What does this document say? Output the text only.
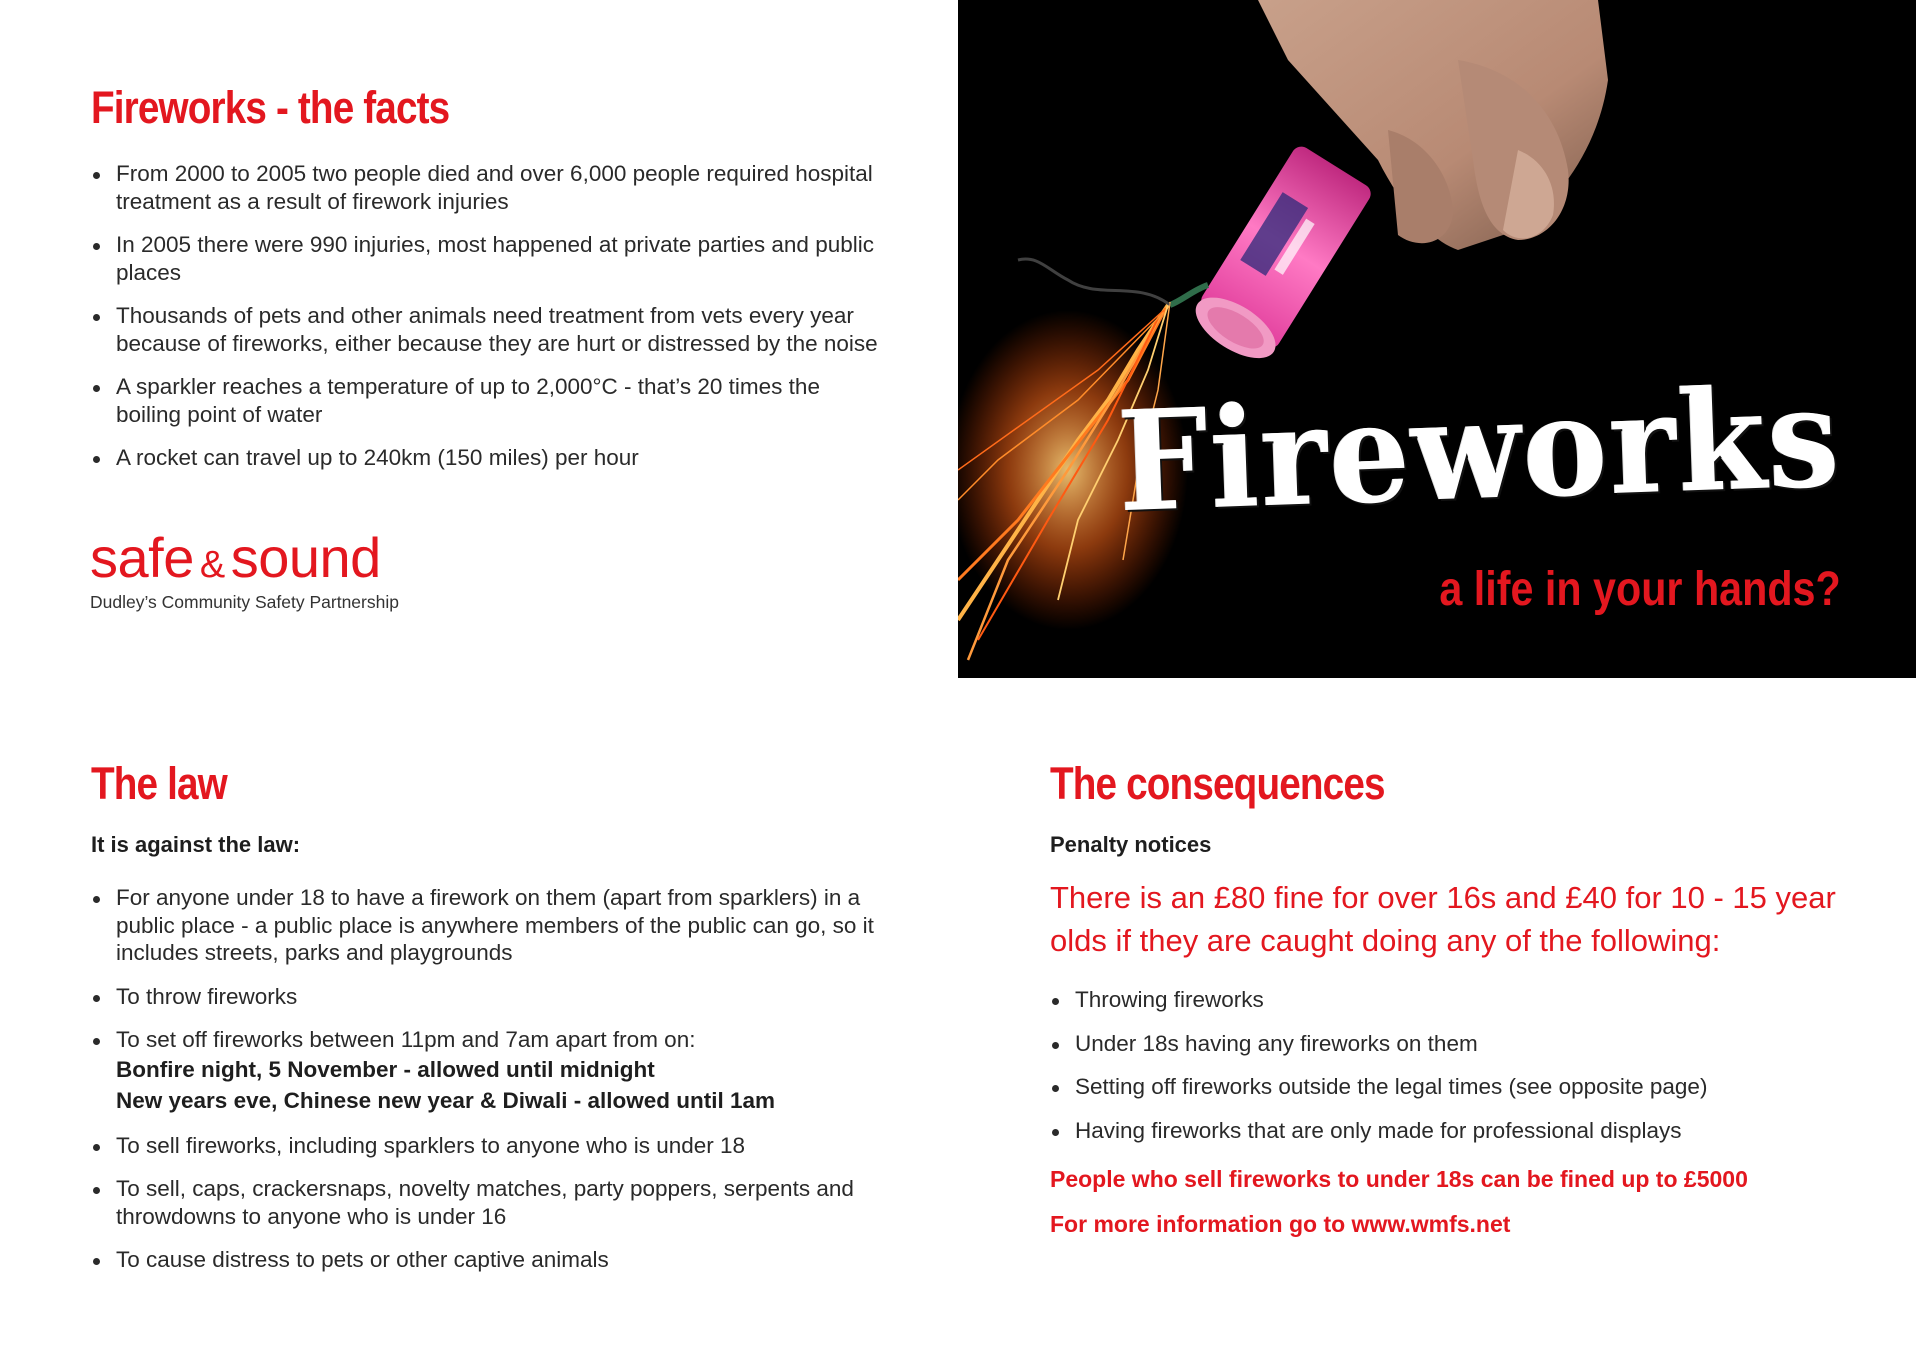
Fireworks - the facts
From 2000 to 2005 two people died and over 6,000 people required hospital treatment as a result of firework injuries
In 2005 there were 990 injuries, most happened at private parties and public places
Thousands of pets and other animals need treatment from vets every year because of fireworks, either because they are hurt or distressed by the noise
A sparkler reaches a temperature of up to 2,000°C - that’s 20 times the boiling point of water
A rocket can travel up to 240km (150 miles) per hour
safe & sound
Dudley’s Community Safety Partnership
Fireworks
a life in your hands?
The law

It is against the law:

For anyone under 18 to have a firework on them (apart from sparklers) in a public place - a public place is anywhere members of the public can go, so it includes streets, parks and playgrounds
To throw fireworks
To set off fireworks between 11pm and 7am apart from on:
Bonfire night, 5 November - allowed until midnight
New years eve, Chinese new year & Diwali - allowed until 1am
To sell fireworks, including sparklers to anyone who is under 18
To sell, caps, crackersnaps, novelty matches, party poppers, serpents and throwdowns to anyone who is under 16
To cause distress to pets or other captive animals
The consequences

Penalty notices

There is an £80 fine for over 16s and £40 for 10 - 15 year olds if they are caught doing any of the following:

Throwing fireworks
Under 18s having any fireworks on them
Setting off fireworks outside the legal times (see opposite page)
Having fireworks that are only made for professional displays

People who sell fireworks to under 18s can be fined up to £5000

For more information go to www.wmfs.net
